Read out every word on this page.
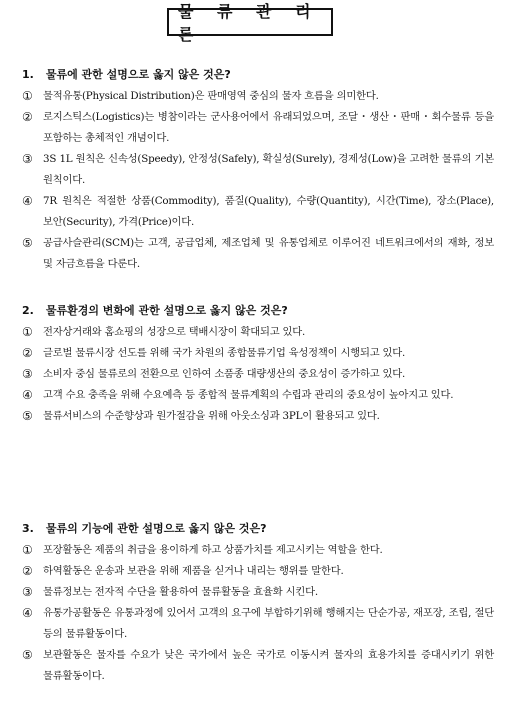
물 류 관 리 론
1. 물류에 관한 설명으로 옳지 않은 것은?
① 물적유통(Physical Distribution)은 판매영역 중심의 물자 흐름을 의미한다.
② 로지스틱스(Logistics)는 병참이라는 군사용어에서 유래되었으며, 조달・생산・판매・회수물류 등을 포함하는 총체적인 개념이다.
③ 3S 1L 원칙은 신속성(Speedy), 안정성(Safely), 확실성(Surely), 경제성(Low)을 고려한 물류의 기본 원칙이다.
④ 7R 원칙은 적절한 상품(Commodity), 품질(Quality), 수량(Quantity), 시간(Time), 장소(Place), 보안(Security), 가격(Price)이다.
⑤ 공급사슬관리(SCM)는 고객, 공급업체, 제조업체 및 유통업체로 이루어진 네트워크에서의 재화, 정보 및 자금흐름을 다룬다.
2. 물류환경의 변화에 관한 설명으로 옳지 않은 것은?
① 전자상거래와 홈쇼핑의 성장으로 택배시장이 확대되고 있다.
② 글로벌 물류시장 선도를 위해 국가 차원의 종합물류기업 육성정책이 시행되고 있다.
③ 소비자 중심 물류로의 전환으로 인하여 소품종 대량생산의 중요성이 증가하고 있다.
④ 고객 수요 충족을 위해 수요예측 등 종합적 물류계획의 수립과 관리의 중요성이 높아지고 있다.
⑤ 물류서비스의 수준향상과 원가절감을 위해 아웃소싱과 3PL이 활용되고 있다.
3. 물류의 기능에 관한 설명으로 옳지 않은 것은?
① 포장활동은 제품의 취급을 용이하게 하고 상품가치를 제고시키는 역할을 한다.
② 하역활동은 운송과 보관을 위해 제품을 싣거나 내리는 행위를 말한다.
③ 물류정보는 전자적 수단을 활용하여 물류활동을 효율화 시킨다.
④ 유통가공활동은 유통과정에 있어서 고객의 요구에 부합하기위해 행해지는 단순가공, 재포장, 조립, 절단 등의 물류활동이다.
⑤ 보관활동은 물자를 수요가 낮은 국가에서 높은 국가로 이동시켜 물자의 효용가치를 증대시키기 위한 물류활동이다.
